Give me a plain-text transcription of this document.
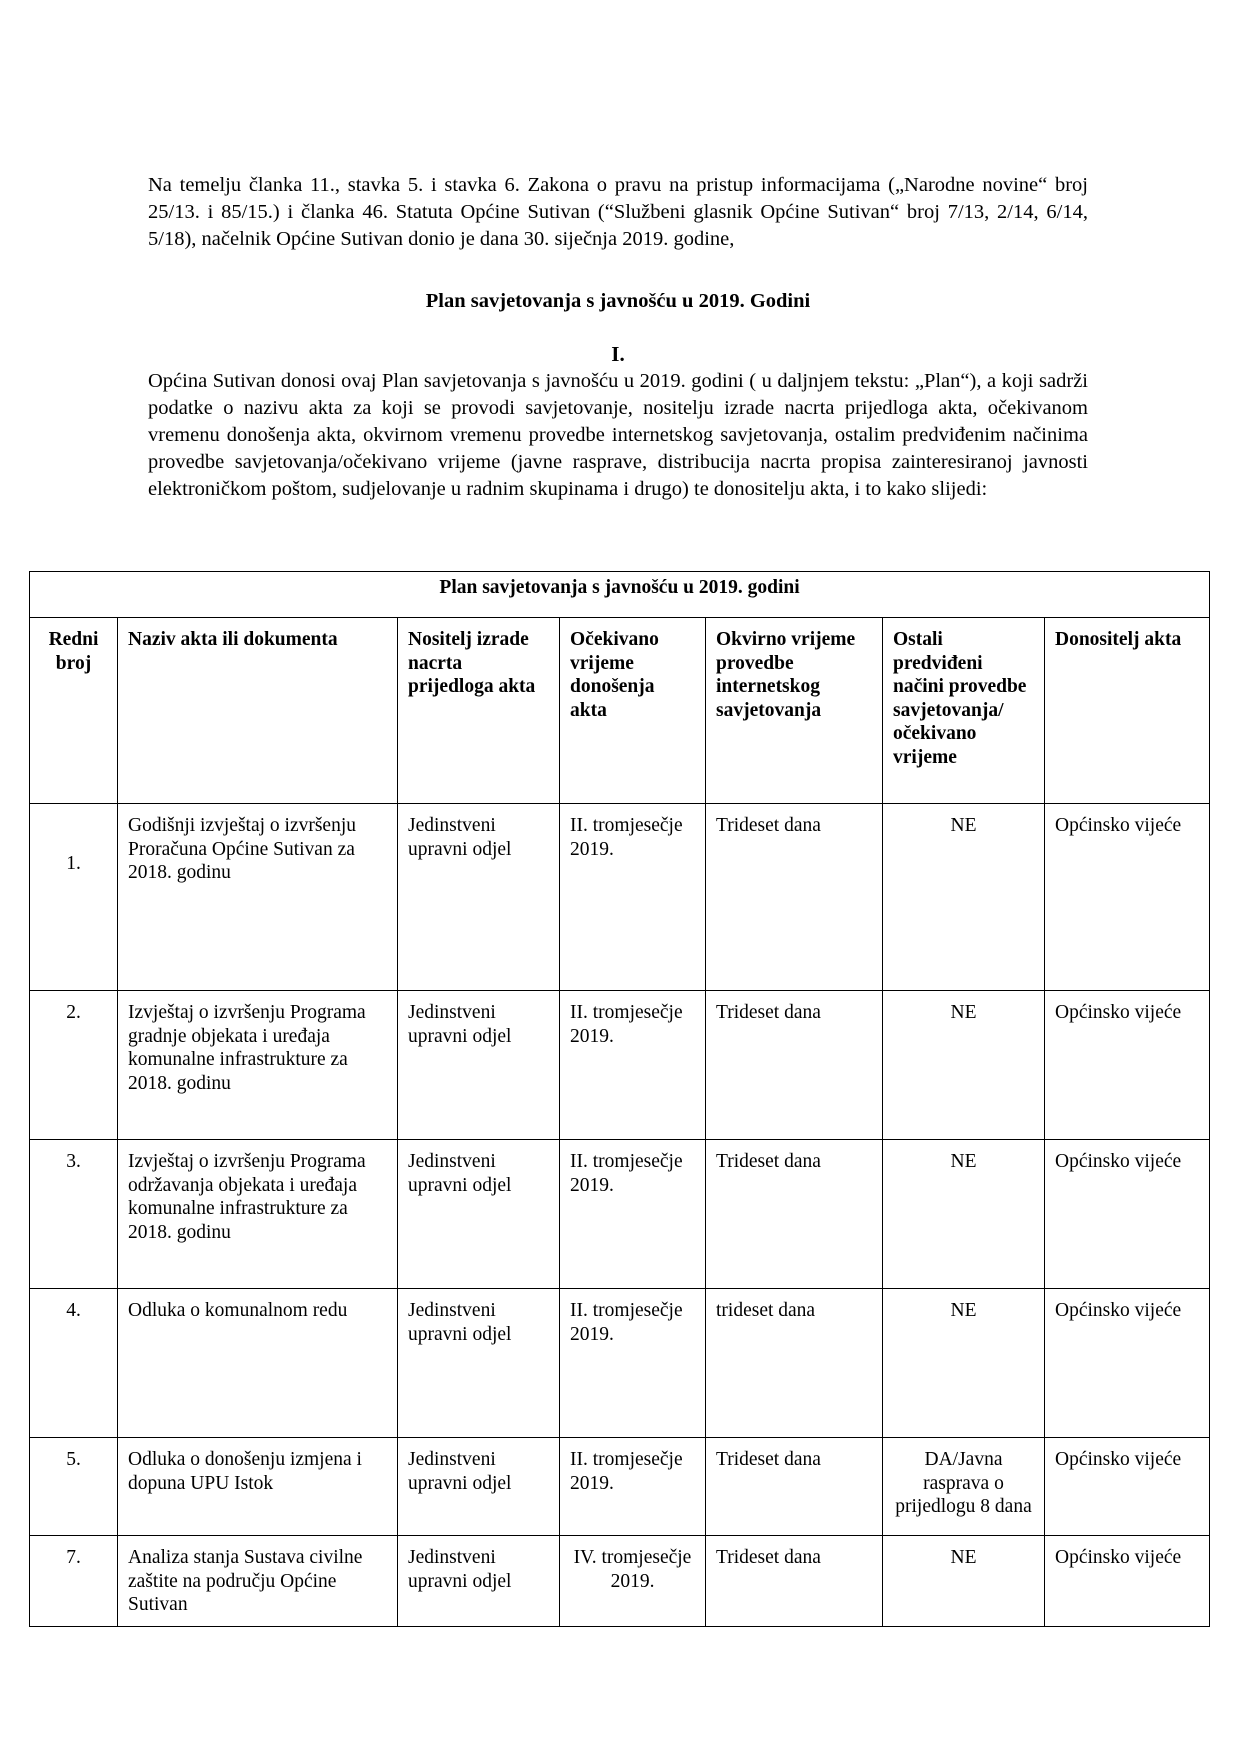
Na temelju članka 11., stavka 5. i stavka 6. Zakona o pravu na pristup informacijama („Narodne novine“ broj 25/13. i 85/15.) i članka 46. Statuta Općine Sutivan (“Službeni glasnik Općine Sutivan“ broj 7/13, 2/14, 6/14, 5/18), načelnik Općine Sutivan donio je dana 30. siječnja 2019. godine,

Plan savjetovanja s javnošću u 2019. Godini
I.

Općina Sutivan donosi ovaj Plan savjetovanja s javnošću u 2019. godini ( u daljnjem tekstu: „Plan“), a koji sadrži podatke o nazivu akta za koji se provodi savjetovanje, nositelju izrade nacrta prijedloga akta, očekivanom vremenu donošenja akta, okvirnom vremenu provedbe internetskog savjetovanja, ostalim predviđenim načinima provedbe savjetovanja/očekivano vrijeme (javne rasprave, distribucija nacrta propisa zainteresiranoj javnosti elektroničkom poštom, sudjelovanje u radnim skupinama i drugo) te donositelju akta, i to kako slijedi:

Plan savjetovanja s javnošću u 2019. godini						
Redni broj	Naziv akta ili dokumenta	Nositelj izrade nacrta prijedloga akta	Očekivano vrijeme donošenja akta	Okvirno vrijeme provedbe internetskog savjetovanja	Ostali predviđeni načini provedbe savjetovanja/ očekivano vrijeme	Donositelj akta
1.	Godišnji izvještaj o izvršenju Proračuna Općine Sutivan za 2018. godinu	Jedinstveni upravni odjel	II. tromjesečje 2019.	Trideset dana	NE	Općinsko vijeće
2.	Izvještaj o izvršenju Programa gradnje objekata i uređaja komunalne infrastrukture za 2018. godinu	Jedinstveni upravni odjel	II. tromjesečje 2019.	Trideset dana	NE	Općinsko vijeće
3.	Izvještaj o izvršenju Programa održavanja objekata i uređaja komunalne infrastrukture za 2018. godinu	Jedinstveni upravni odjel	II. tromjesečje 2019.	Trideset dana	NE	Općinsko vijeće
4.	Odluka o komunalnom redu	Jedinstveni upravni odjel	II. tromjesečje 2019.	trideset dana	NE	Općinsko vijeće
5.	Odluka o donošenju izmjena i dopuna UPU Istok	Jedinstveni upravni odjel	II. tromjesečje 2019.	Trideset dana	DA/Javna rasprava o prijedlogu 8 dana	Općinsko vijeće
7.	Analiza stanja Sustava civilne zaštite na području Općine Sutivan	Jedinstveni upravni odjel	IV. tromjesečje 2019.	Trideset dana	NE	Općinsko vijeće
